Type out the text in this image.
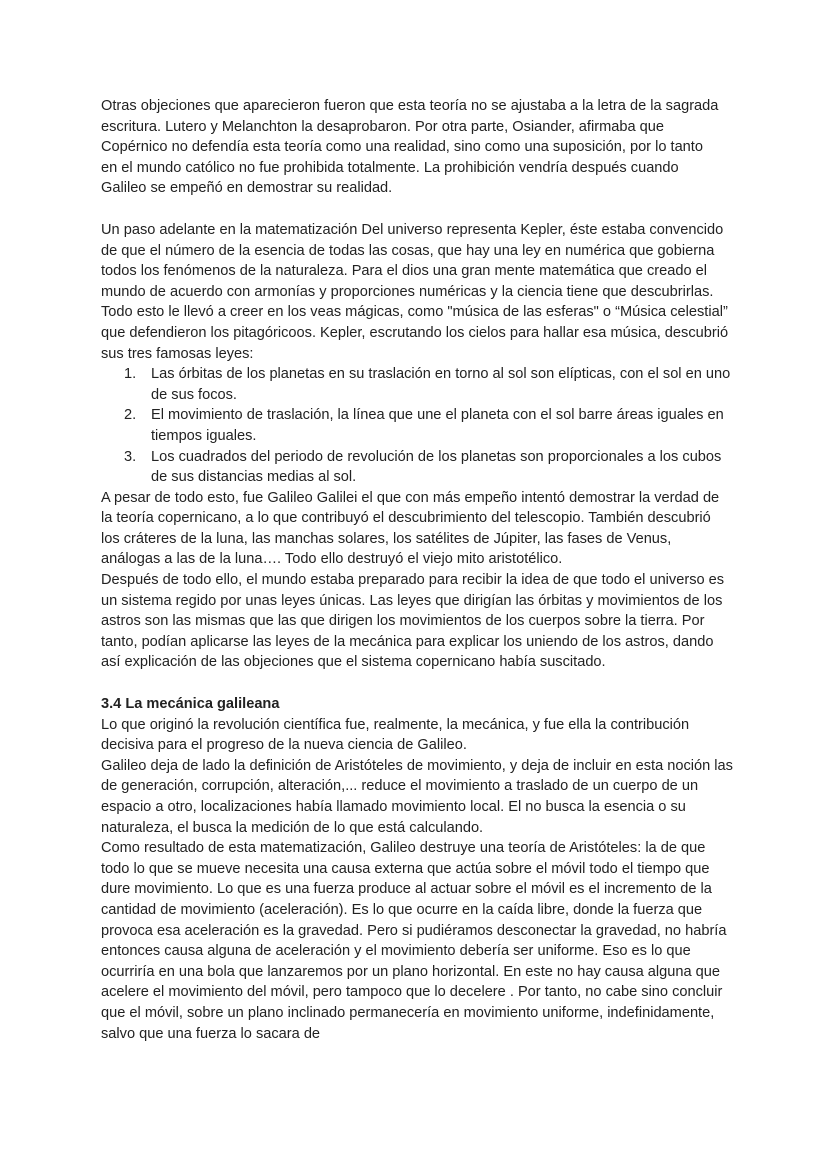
Otras objeciones que aparecieron fueron que esta teoría no se ajustaba a la letra de la sagrada escritura. Lutero y Melanchton la desaprobaron. Por otra parte, Osiander, afirmaba que Copérnico no defendía esta teoría como una realidad, sino como una suposición, por lo tanto en el mundo católico no fue prohibida totalmente. La prohibición vendría después cuando Galileo se empeñó en demostrar su realidad.

Un paso adelante en la matematización Del universo representa Kepler, éste estaba convencido de que el número de la esencia de todas las cosas, que hay una ley en numérica que gobierna todos los fenómenos de la naturaleza. Para el dios una gran mente matemática que creado el mundo de acuerdo con armonías y proporciones numéricas y la ciencia tiene que descubrirlas. Todo esto le llevó a creer en los veas mágicas, como "música de las esferas" o “Música celestial” que defendieron los pitagóricoos. Kepler, escrutando los cielos para hallar esa música, descubrió sus tres famosas leyes:

1. Las órbitas de los planetas en su traslación en torno al sol son elípticas, con el sol en uno de sus focos.
2. El movimiento de traslación, la línea que une el planeta con el sol barre áreas iguales en tiempos iguales.
3. Los cuadrados del periodo de revolución de los planetas son proporcionales a los cubos de sus distancias medias al sol.

A pesar de todo esto, fue Galileo Galilei el que con más empeño intentó demostrar la verdad de la teoría copernicano, a lo que contribuyó el descubrimiento del telescopio. También descubrió los cráteres de la luna, las manchas solares, los satélites de Júpiter, las fases de Venus, análogas a las de la luna…. Todo ello destruyó el viejo mito aristotélico.

Después de todo ello, el mundo estaba preparado para recibir la idea de que todo el universo es un sistema regido por unas leyes únicas. Las leyes que dirigían las órbitas y movimientos de los astros son las mismas que las que dirigen los movimientos de los cuerpos sobre la tierra. Por tanto, podían aplicarse las leyes de la mecánica para explicar los uniendo de los astros, dando así explicación de las objeciones que el sistema copernicano había suscitado.

3.4 La mecánica galileana

Lo que originó la revolución científica fue, realmente, la mecánica, y fue ella la contribución decisiva para el progreso de la nueva ciencia de Galileo.

Galileo deja de lado la definición de Aristóteles de movimiento, y deja de incluir en esta noción las de generación, corrupción, alteración,... reduce el movimiento a traslado de un cuerpo de un espacio a otro, localizaciones había llamado movimiento local. El no busca la esencia o su naturaleza, el busca la medición de lo que está calculando.

Como resultado de esta matematización, Galileo destruye una teoría de Aristóteles: la de que todo lo que se mueve necesita una causa externa que actúa sobre el móvil todo el tiempo que dure movimiento. Lo que es una fuerza produce al actuar sobre el móvil es el incremento de la cantidad de movimiento (aceleración). Es lo que ocurre en la caída libre, donde la fuerza que provoca esa aceleración es la gravedad. Pero si pudiéramos desconectar la gravedad, no habría entonces causa alguna de aceleración y el movimiento debería ser uniforme. Eso es lo que ocurriría en una bola que lanzaremos por un plano horizontal. En este no hay causa alguna que acelere el movimiento del móvil, pero tampoco que lo decelere . Por tanto, no cabe sino concluir que el móvil, sobre un plano inclinado permanecería en movimiento uniforme, indefinidamente, salvo que una fuerza lo sacara de
